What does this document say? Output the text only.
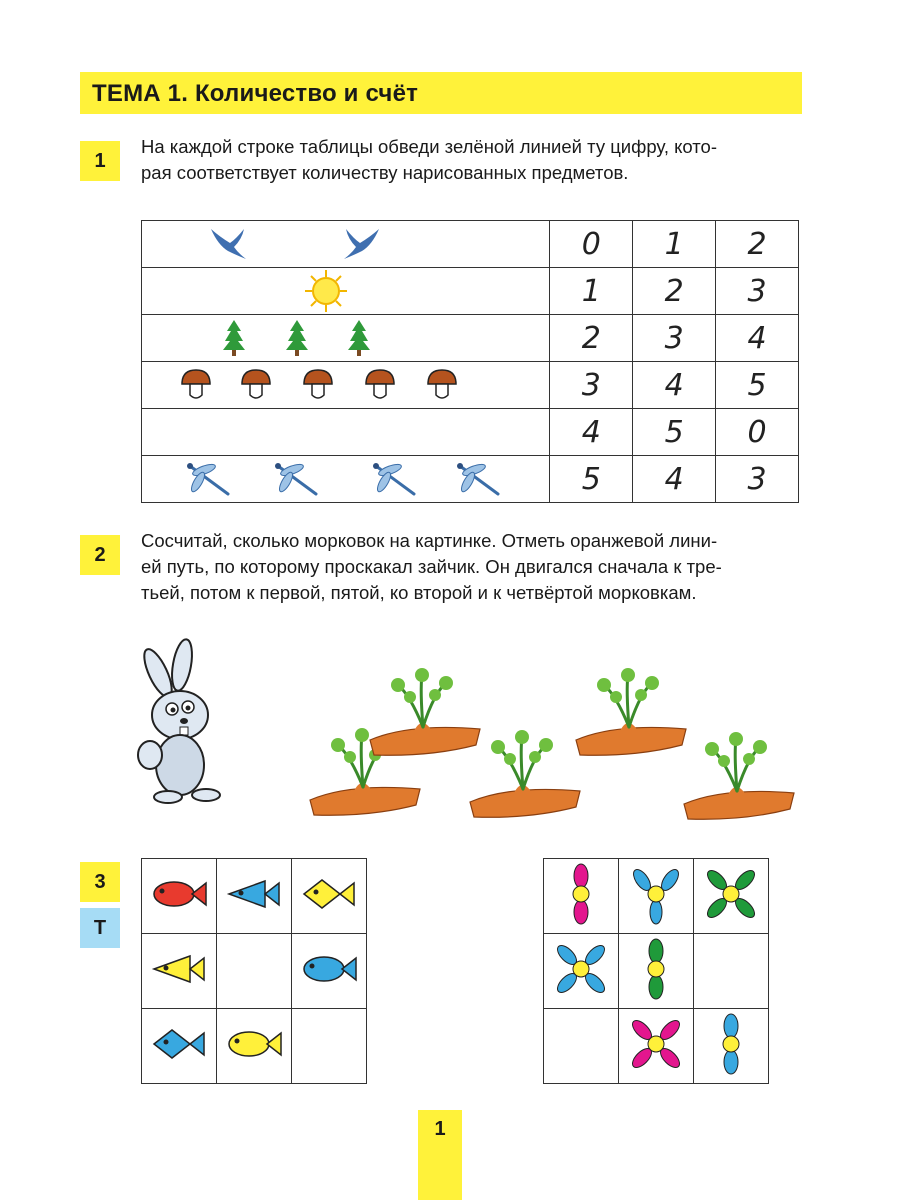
ТЕМА 1. Количество и счёт
1
На каждой строке таблицы обведи зелёной линией ту цифру, кото-
рая соответствует количеству нарисованных предметов.
	0	1	2

	1	2	3

	2	3	4

	3	4	5

	4	5	0

	5	4	3
2
Сосчитай, сколько морковок на картинке. Отметь оранжевой лини-
ей путь, по которому проскакал зайчик. Он двигался сначала к тре-
тьей, потом к первой, пятой, ко второй и к четвёртой морковкам.
3
Т

1
